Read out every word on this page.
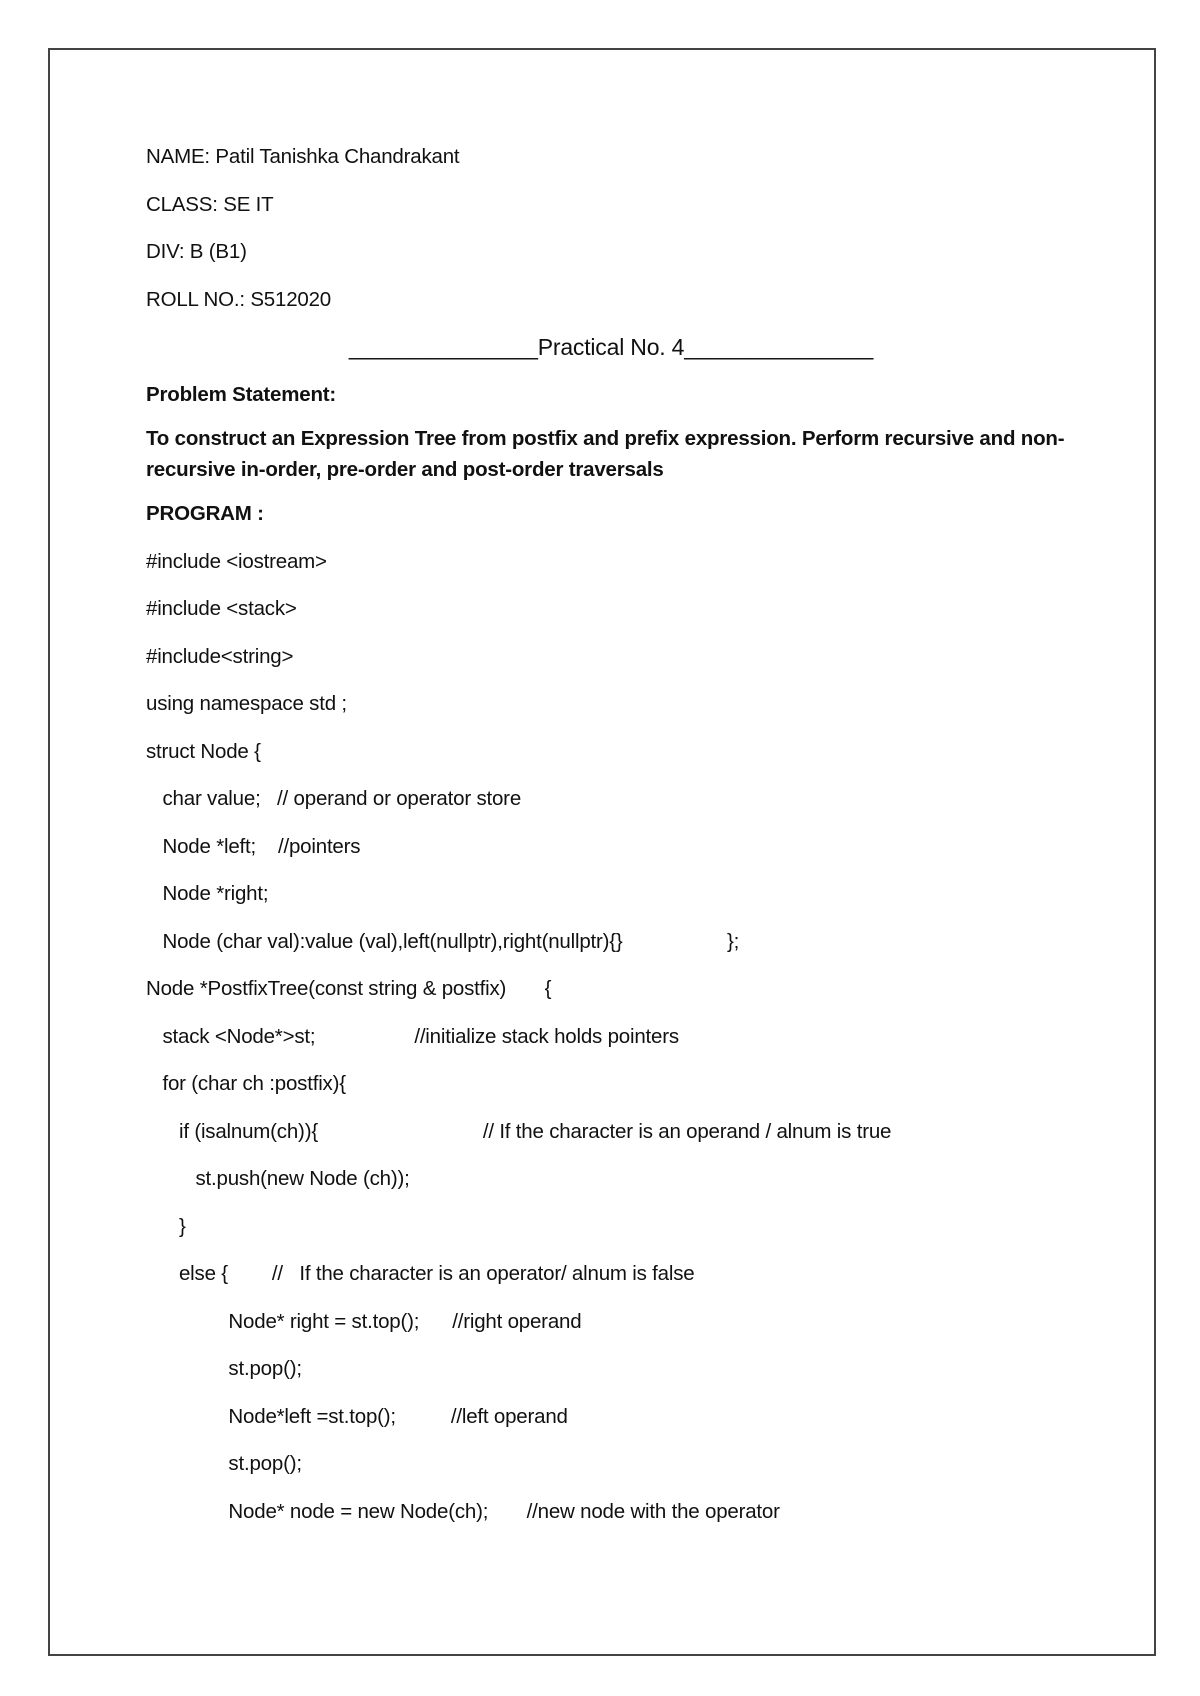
NAME: Patil Tanishka Chandrakant
CLASS: SE IT
DIV: B (B1)
ROLL NO.: S512020
_______________Practical No. 4_______________
Problem Statement:
To construct an Expression Tree from postfix and prefix expression. Perform recursive and non- recursive in-order, pre-order and post-order traversals
PROGRAM :
#include <iostream>
#include <stack>
#include<string>
using namespace std ;
struct Node {
char value;   // operand or operator store
Node *left;    //pointers
Node *right;
Node (char val):value (val),left(nullptr),right(nullptr){}                   };
Node *PostfixTree(const string & postfix)       {
stack <Node*>st;                  //initialize stack holds pointers
for (char ch :postfix){
if (isalnum(ch)){                              // If the character is an operand / alnum is true
st.push(new Node (ch));
}
else {        //   If the character is an operator/ alnum is false
Node* right = st.top();      //right operand
st.pop();
Node*left =st.top();          //left operand
st.pop();
Node* node = new Node(ch);       //new node with the operator
